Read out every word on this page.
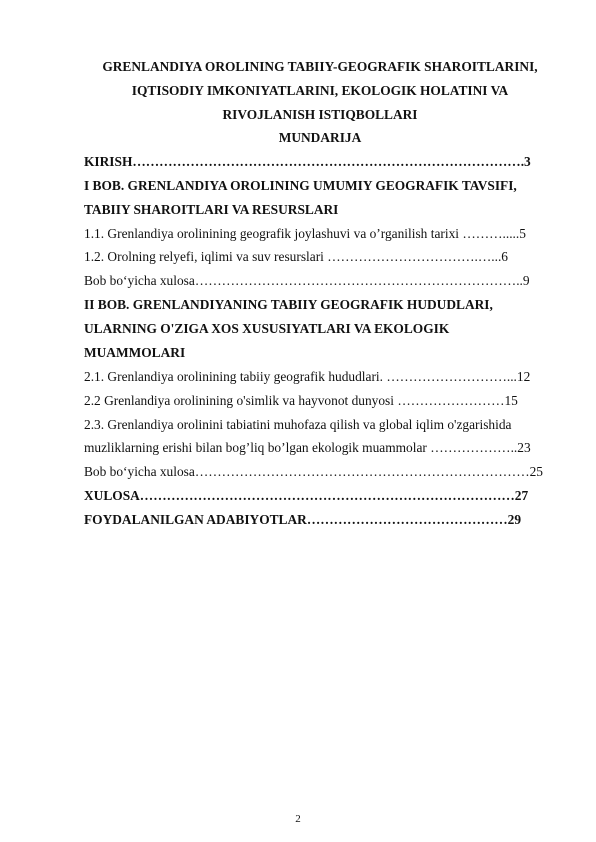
GRENLANDIYA OROLINING TABIIY-GEOGRAFIK SHAROITLARINI,
IQTISODIY IMKONIYATLARINI, EKOLOGIK HOLATINI VA
RIVOJLANISH ISTIQBOLLARI
MUNDARIJA
KIRISH…………………………………………………………………………….3
I BOB. GRENLANDIYA OROLINING UMUMIY GEOGRAFIK TAVSIFI,
TABIIY SHAROITLARI VA RESURSLARI
1.1. Grenlandiya orolinining geografik joylashuvi va o’rganilish tarixi ……….....5
1.2. Orolning relyefi, iqlimi va suv resurslari …………………………….…...6
Bob bo‘yicha xulosa………………………………………………………………..9
II BOB. GRENLANDIYANING TABIIY GEOGRAFIK HUDUDLARI,
ULARNING O'ZIGA XOS XUSUSIYATLARI VA EKOLOGIK
MUAMMOLARI
2.1. Grenlandiya orolinining tabiiy geografik hududlari. ………………………...12
2.2 Grenlandiya orolinining o'simlik va hayvonot dunyosi ……………………15
2.3. Grenlandiya orolinini tabiatini muhofaza qilish va global iqlim o'zgarishida
muzliklarning erishi bilan bog’liq bo’lgan ekologik muammolar ………………..23
Bob bo‘yicha xulosa…………………………………………………………………25
XULOSA…………………………………………………………………………27
FOYDALANILGAN ADABIYOTLAR………………………………………29
2
